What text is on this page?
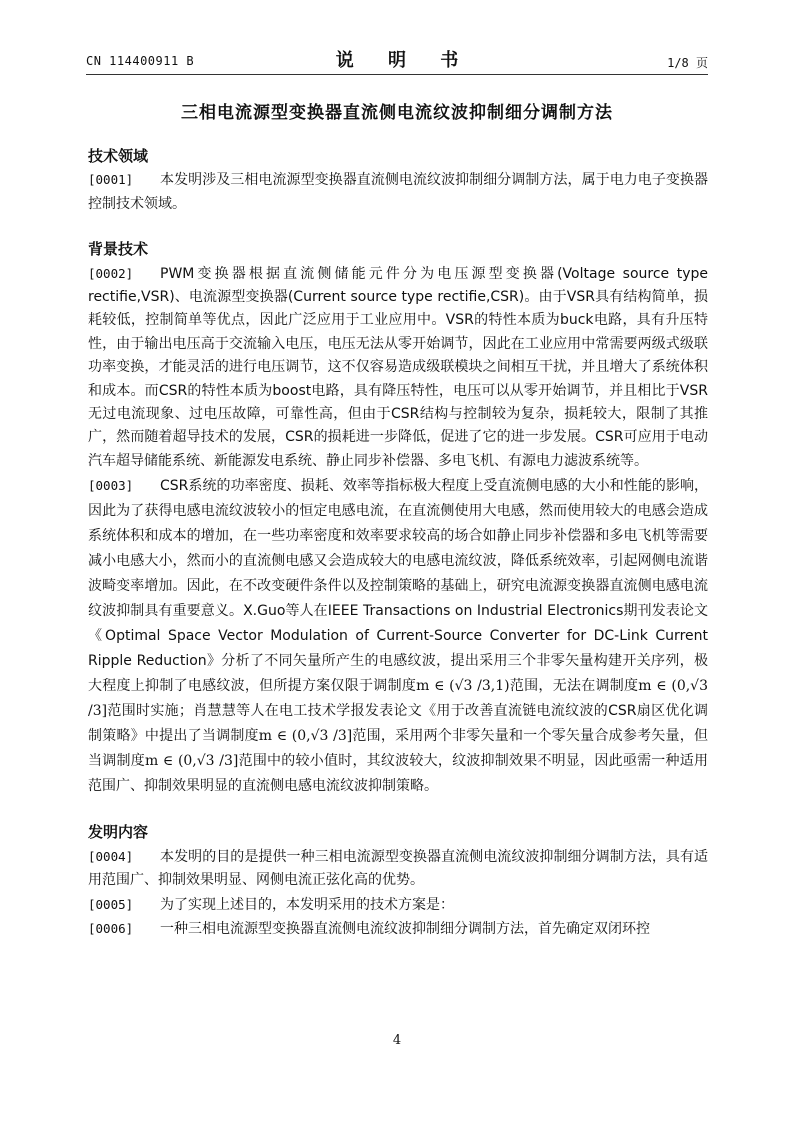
CN 114400911 B	说 明 书	1/8 页
三相电流源型变换器直流侧电流纹波抑制细分调制方法
技术领域
[0001] 本发明涉及三相电流源型变换器直流侧电流纹波抑制细分调制方法，属于电力电子变换器控制技术领域。
背景技术
[0002] PWM变换器根据直流侧储能元件分为电压源型变换器(Voltage source type rectifie,VSR)、电流源型变换器(Current source type rectifie,CSR)。由于VSR具有结构简单，损耗较低，控制简单等优点，因此广泛应用于工业应用中。VSR的特性本质为buck电路，具有升压特性，由于输出电压高于交流输入电压，电压无法从零开始调节，因此在工业应用中常需要两级式级联功率变换，才能灵活的进行电压调节，这不仅容易造成级联模块之间相互干扰，并且增大了系统体积和成本。而CSR的特性本质为boost电路，具有降压特性，电压可以从零开始调节，并且相比于VSR无过电流现象、过电压故障，可靠性高，但由于CSR结构与控制较为复杂，损耗较大，限制了其推广，然而随着超导技术的发展，CSR的损耗进一步降低，促进了它的进一步发展。CSR可应用于电动汽车超导储能系统、新能源发电系统、静止同步补偿器、多电飞机、有源电力滤波系统等。
[0003] CSR系统的功率密度、损耗、效率等指标极大程度上受直流侧电感的大小和性能的影响，因此为了获得电感电流纹波较小的恒定电感电流，在直流侧使用大电感，然而使用较大的电感会造成系统体积和成本的增加，在一些功率密度和效率要求较高的场合如静止同步补偿器和多电飞机等需要减小电感大小，然而小的直流侧电感又会造成较大的电感电流纹波，降低系统效率，引起网侧电流谐波畸变率增加。因此，在不改变硬件条件以及控制策略的基础上，研究电流源变换器直流侧电感电流纹波抑制具有重要意义。X.Guo等人在IEEE Transactions on Industrial Electronics期刊发表论文《Optimal Space Vector Modulation of Current-Source Converter for DC-Link Current Ripple Reduction》分析了不同矢量所产生的电感纹波，提出采用三个非零矢量构建开关序列，极大程度上抑制了电感纹波，但所提方案仅限于调制度m ∈ (√3 /3,1)范围，无法在调制度m ∈ (0,√3 /3]范围时实施；肖慧慧等人在电工技术学报发表论文《用于改善直流链电流纹波的CSR扇区优化调制策略》中提出了当调制度m ∈ (0,√3 /3]范围，采用两个非零矢量和一个零矢量合成参考矢量，但当调制度m ∈ (0,√3 /3]范围中的较小值时，其纹波较大，纹波抑制效果不明显，因此亟需一种适用范围广、抑制效果明显的直流侧电感电流纹波抑制策略。
发明内容
[0004] 本发明的目的是提供一种三相电流源型变换器直流侧电流纹波抑制细分调制方法，具有适用范围广、抑制效果明显、网侧电流正弦化高的优势。
[0005] 为了实现上述目的，本发明采用的技术方案是：
[0006] 一种三相电流源型变换器直流侧电流纹波抑制细分调制方法，首先确定双闭环控
4
